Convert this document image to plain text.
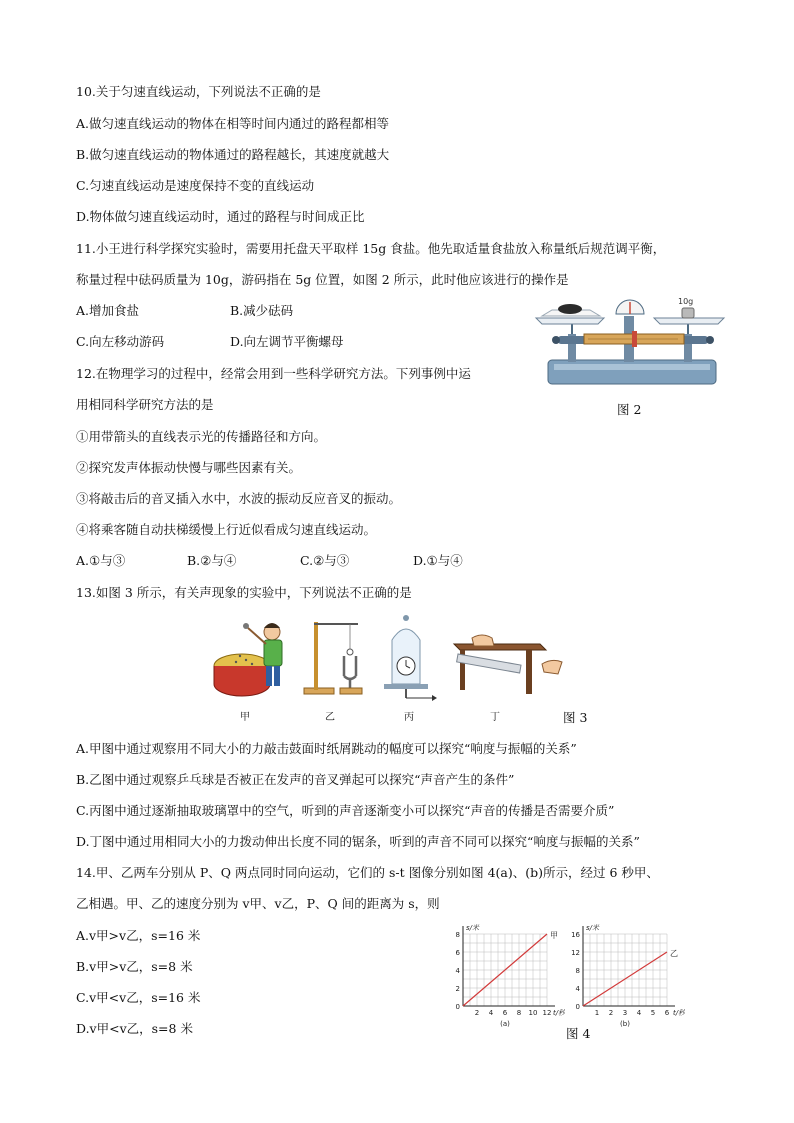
10.关于匀速直线运动，下列说法不正确的是
A.做匀速直线运动的物体在相等时间内通过的路程都相等
B.做匀速直线运动的物体通过的路程越长，其速度就越大
C.匀速直线运动是速度保持不变的直线运动
D.物体做匀速直线运动时，通过的路程与时间成正比
11.小王进行科学探究实验时，需要用托盘天平取样 15g 食盐。他先取适量食盐放入称量纸后规范调平衡，
称量过程中砝码质量为 10g，游码指在 5g 位置，如图 2 所示，此时他应该进行的操作是
A.增加食盐	B.减少砝码
C.向左移动游码	D.向左调节平衡螺母
10g
图 2
12.在物理学习的过程中，经常会用到一些科学研究方法。下列事例中运
用相同科学研究方法的是
①用带箭头的直线表示光的传播路径和方向。
②探究发声体振动快慢与哪些因素有关。
③将敲击后的音叉插入水中，水波的振动反应音叉的振动。
④将乘客随自动扶梯缓慢上行近似看成匀速直线运动。
A.①与③	B.②与④	C.②与③	D.①与④
13.如图 3 所示，有关声现象的实验中，下列说法不正确的是
甲	乙	丙	丁	图 3
A.甲图中通过观察用不同大小的力敲击鼓面时纸屑跳动的幅度可以探究“响度与振幅的关系”
B.乙图中通过观察乒乓球是否被正在发声的音叉弹起可以探究“声音产生的条件”
C.丙图中通过逐渐抽取玻璃罩中的空气，听到的声音逐渐变小可以探究“声音的传播是否需要介质”
D.丁图中通过用相同大小的力拨动伸出长度不同的锯条，听到的声音不同可以探究“响度与振幅的关系”
14.甲、乙两车分别从 P、Q 两点同时同向运动，它们的 s-t 图像分别如图 4(a)、(b)所示，经过 6 秒甲、
乙相遇。甲、乙的速度分别为 v甲、v乙，P、Q 间的距离为 s，则
A.v甲>v乙，s=16 米
B.v甲>v乙，s=8 米
C.v甲<v乙，s=16 米
D.v甲<v乙，s=8 米
0
2
4
6
8
2 4 6 8 10 12
s/米
t/秒
甲
(a)
0
4
8
12
16
1 2 3 4 5 6
s/米
t/秒
乙
(b)
图 4
